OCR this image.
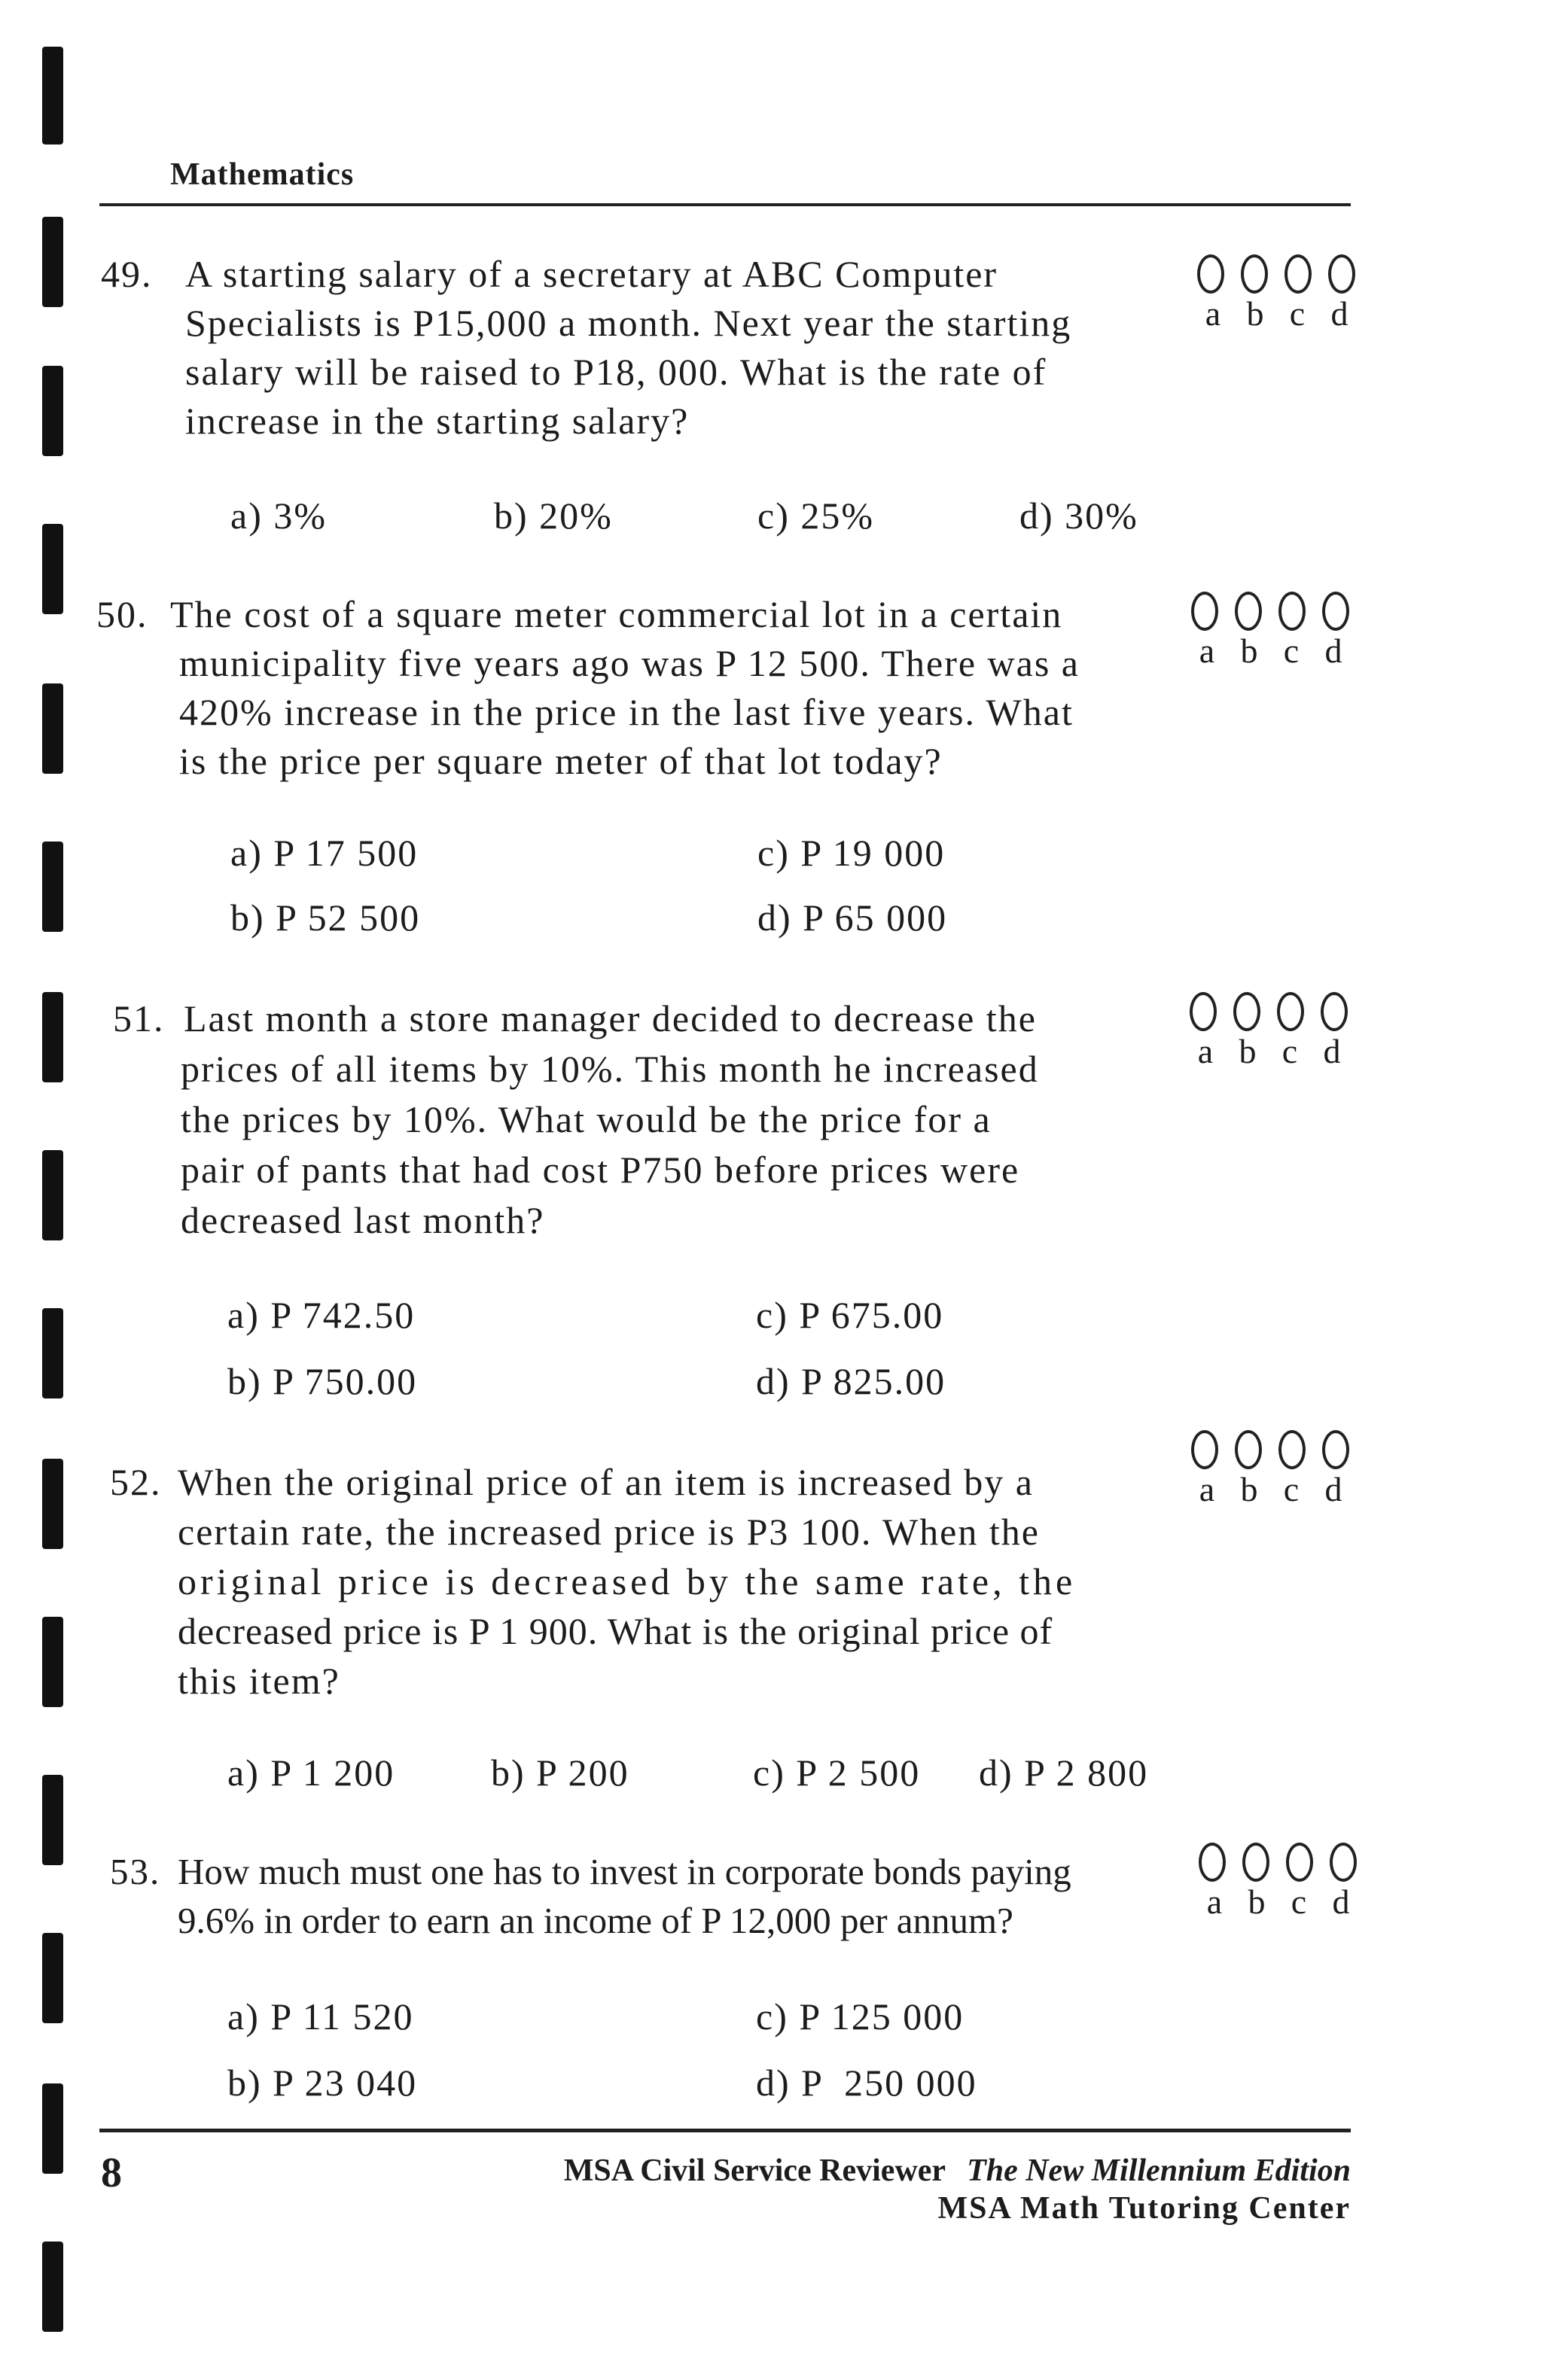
Mathematics
49. A starting salary of a secretary at ABC Computer
Specialists is P15,000 a month. Next year the starting
salary will be raised to P18, 000. What is the rate of
increase in the starting salary?
a b c d
a) 3%	b) 20%	c) 25%	d) 30%
50. The cost of a square meter commercial lot in a certain
municipality five years ago was P 12 500. There was a
420% increase in the price in the last five years. What
is the price per square meter of that lot today?
a b c d
a) P 17 500	c) P 19 000
b) P 52 500	d) P 65 000
51. Last month a store manager decided to decrease the
prices of all items by 10%. This month he increased
the prices by 10%. What would be the price for a
pair of pants that had cost P750 before prices were
decreased last month?
a b c d
a) P 742.50	c) P 675.00
b) P 750.00	d) P 825.00
52. When the original price of an item is increased by a
certain rate, the increased price is P3 100. When the
original price is decreased by the same rate, the
decreased price is P 1 900. What is the original price of
this item?
a b c d
a) P 1 200	b) P 200	c) P 2 500 d) P 2 800
53. How much must one has to invest in corporate bonds paying
9.6% in order to earn an income of P 12,000 per annum?	a b c d
a) P 11 520	c) P 125 000
b) P 23 040	d) P  250 000
8	MSA Civil Service Reviewer The New Millennium Edition
MSA Math Tutoring Center
